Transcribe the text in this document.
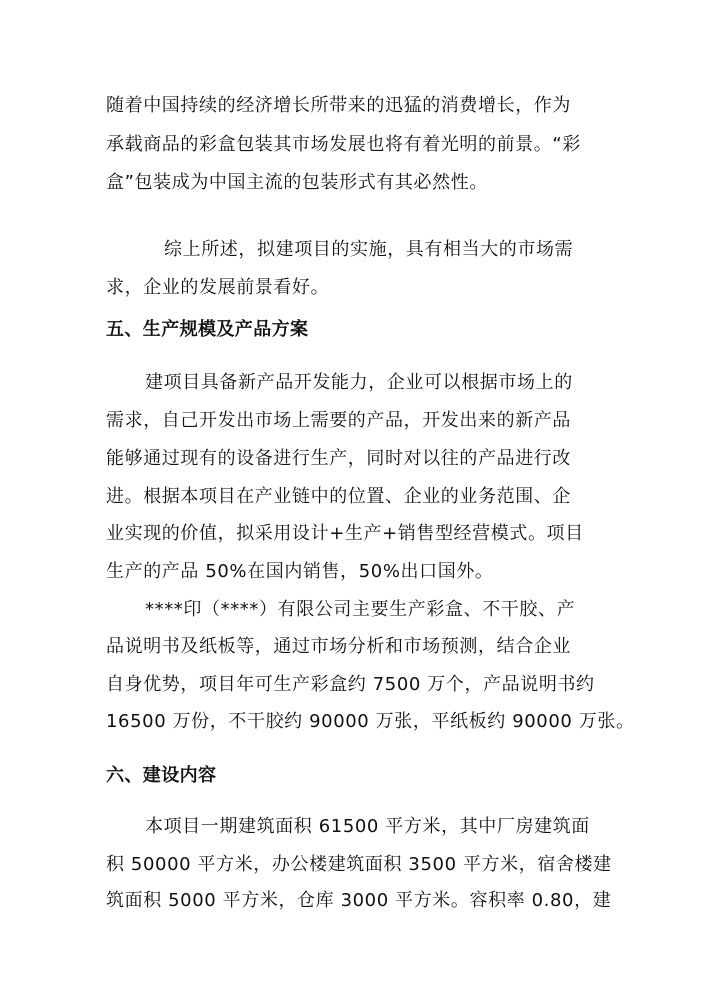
随着中国持续的经济增长所带来的迅猛的消费增长，作为
承载商品的彩盒包装其市场发展也将有着光明的前景。“彩
盒”包装成为中国主流的包装形式有其必然性。
综上所述，拟建项目的实施，具有相当大的市场需
求，企业的发展前景看好。
五、生产规模及产品方案
建项目具备新产品开发能力，企业可以根据市场上的
需求，自己开发出市场上需要的产品，开发出来的新产品
能够通过现有的设备进行生产，同时对以往的产品进行改
进。根据本项目在产业链中的位置、企业的业务范围、企
业实现的价值，拟采用设计+生产+销售型经营模式。项目
生产的产品 50%在国内销售，50%出口国外。
****印（****）有限公司主要生产彩盒、不干胶、产
品说明书及纸板等，通过市场分析和市场预测，结合企业
自身优势，项目年可生产彩盒约 7500 万个，产品说明书约
16500 万份，不干胶约 90000 万张，平纸板约 90000 万张。
六、建设内容
本项目一期建筑面积 61500 平方米，其中厂房建筑面
积 50000 平方米，办公楼建筑面积 3500 平方米，宿舍楼建
筑面积 5000 平方米，仓库 3000 平方米。容积率 0.80，建
